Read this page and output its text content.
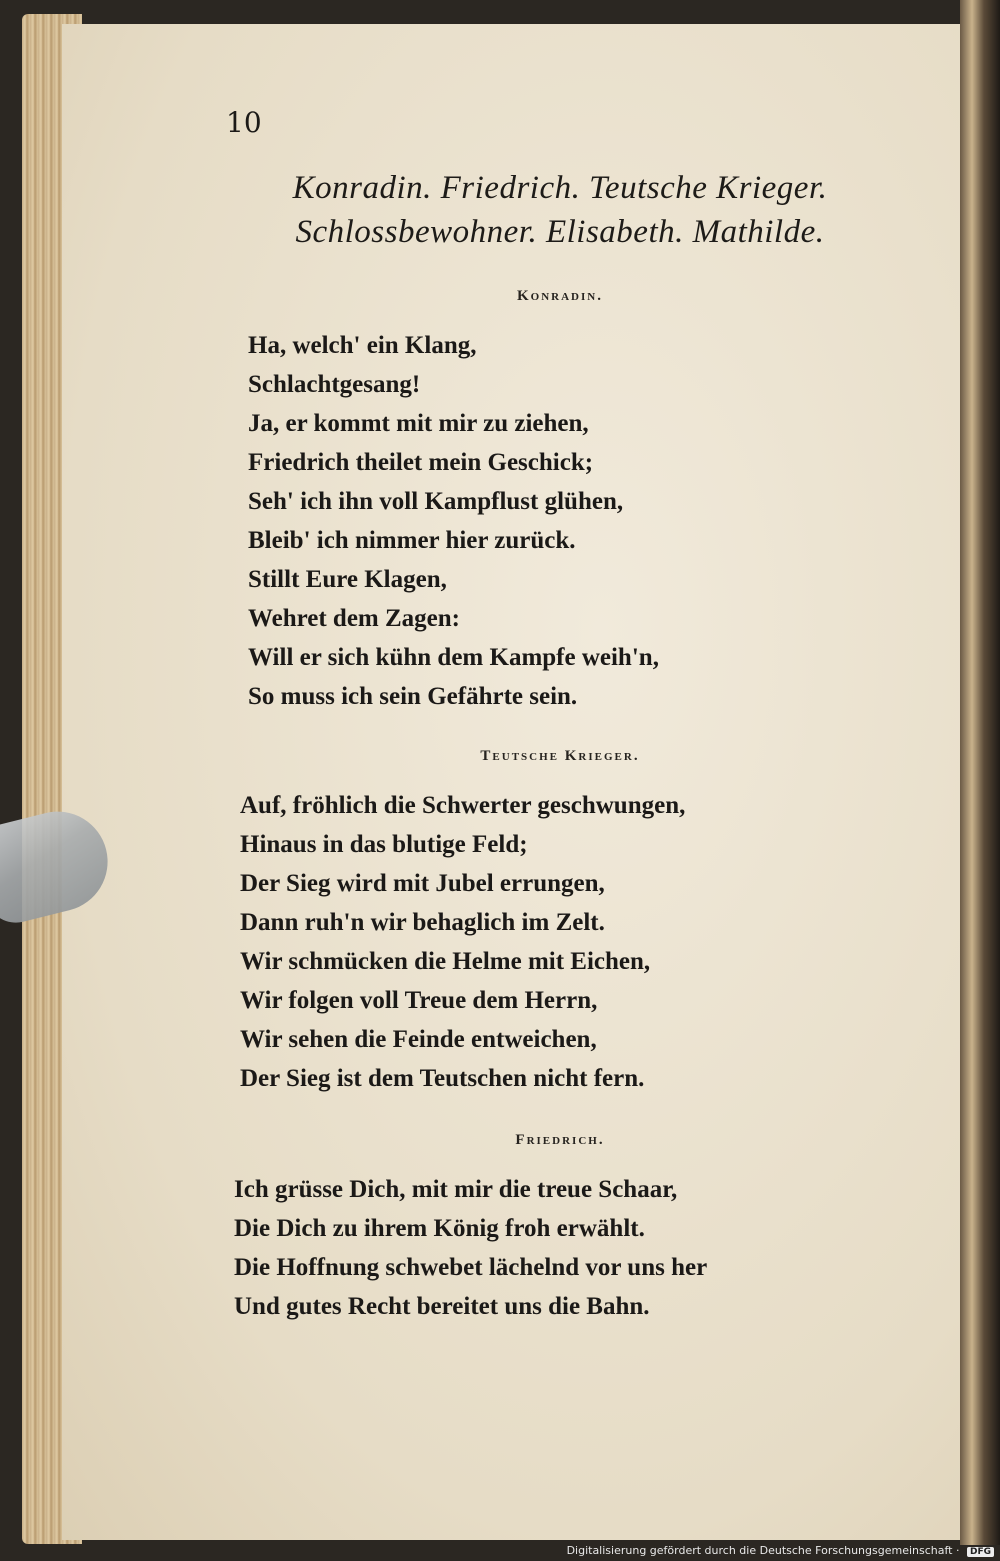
10
Konradin. Friedrich. Teutsche Krieger.
Schlossbewohner. Elisabeth. Mathilde.
Konradin.
Ha, welch' ein Klang,
Schlachtgesang!
Ja, er kommt mit mir zu ziehen,
Friedrich theilet mein Geschick;
Seh' ich ihn voll Kampflust glühen,
Bleib' ich nimmer hier zurück.
Stillt Eure Klagen,
Wehret dem Zagen:
Will er sich kühn dem Kampfe weih'n,
So muss ich sein Gefährte sein.
Teutsche Krieger.
Auf, fröhlich die Schwerter geschwungen,
Hinaus in das blutige Feld;
Der Sieg wird mit Jubel errungen,
Dann ruh'n wir behaglich im Zelt.
Wir schmücken die Helme mit Eichen,
Wir folgen voll Treue dem Herrn,
Wir sehen die Feinde entweichen,
Der Sieg ist dem Teutschen nicht fern.
Friedrich.
Ich grüsse Dich, mit mir die treue Schaar,
Die Dich zu ihrem König froh erwählt.
Die Hoffnung schwebet lächelnd vor uns her
Und gutes Recht bereitet uns die Bahn.
Digitalisierung gefördert durch die Deutsche Forschungsgemeinschaft · DFG
